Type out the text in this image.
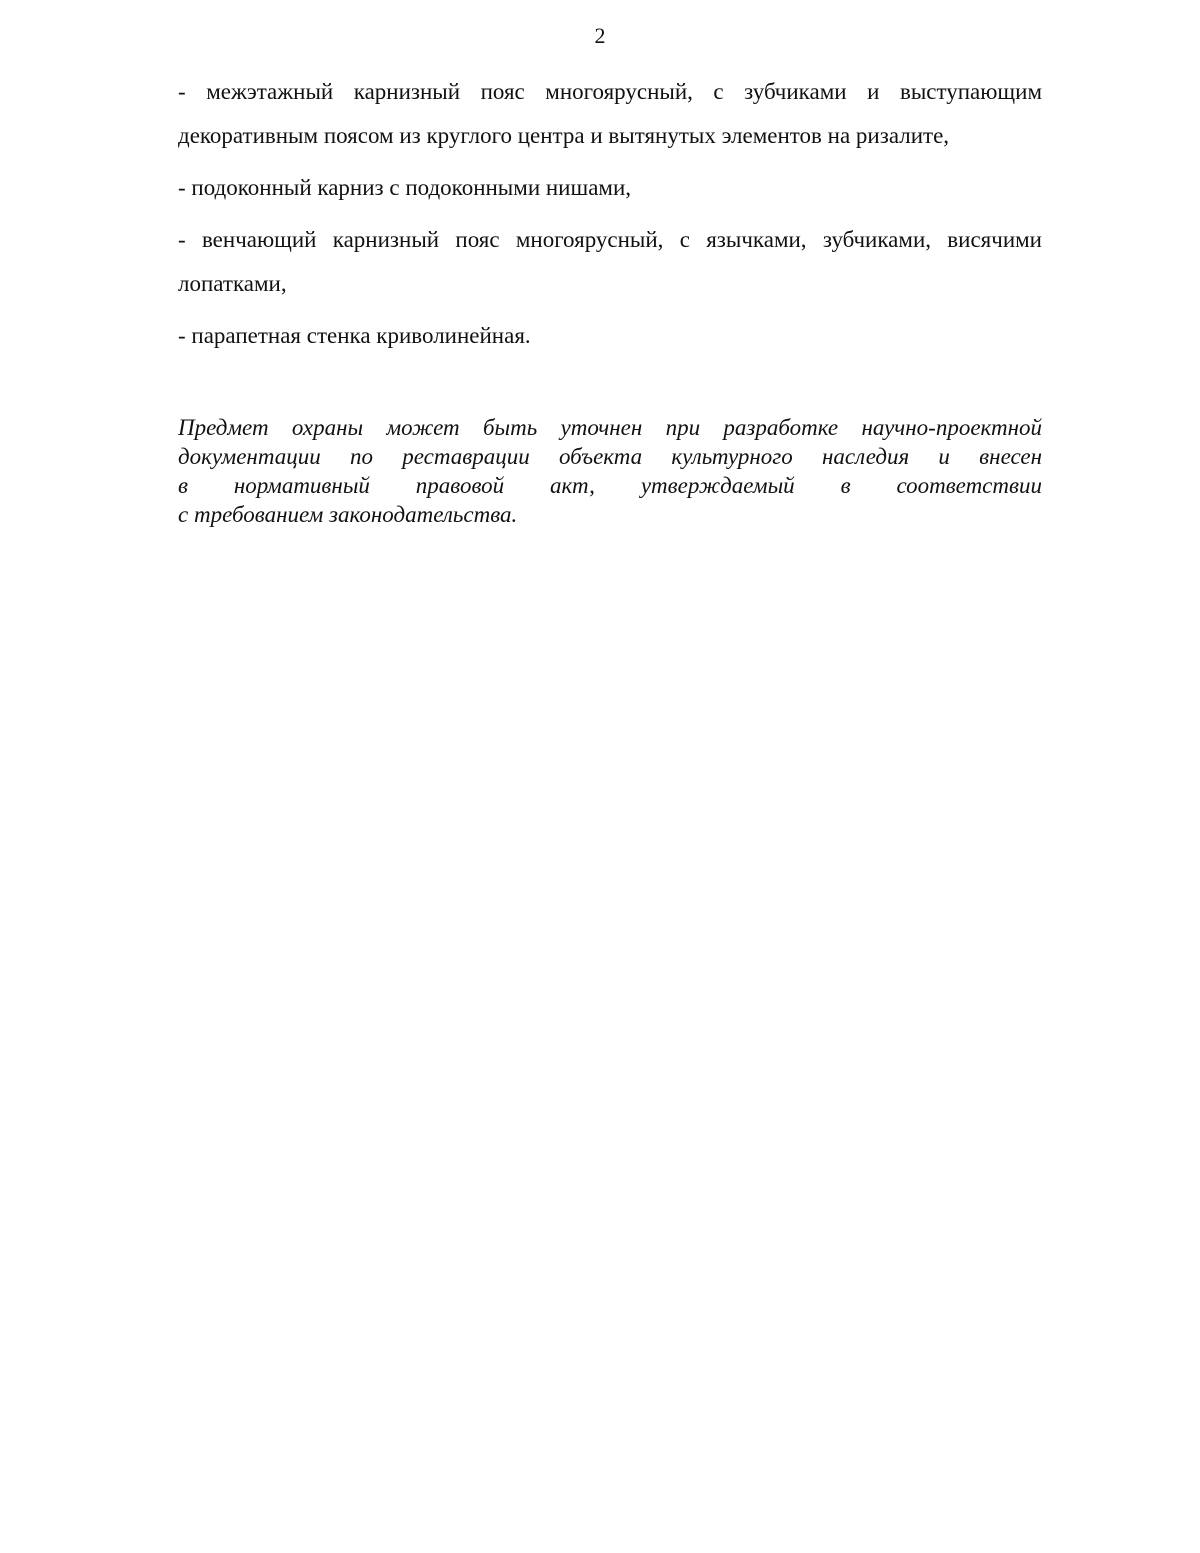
2

- межэтажный карнизный пояс многоярусный, с зубчиками и выступающим декоративным поясом из круглого центра и вытянутых элементов на ризалите,

- подоконный карниз с подоконными нишами,

- венчающий карнизный пояс многоярусный, с язычками, зубчиками, висячими лопатками,

- парапетная стенка криволинейная.

Предмет охраны может быть уточнен при разработке научно-проектной
документации по реставрации объекта культурного наследия и внесен
в нормативный правовой акт, утверждаемый в соответствии
с требованием законодательства.
